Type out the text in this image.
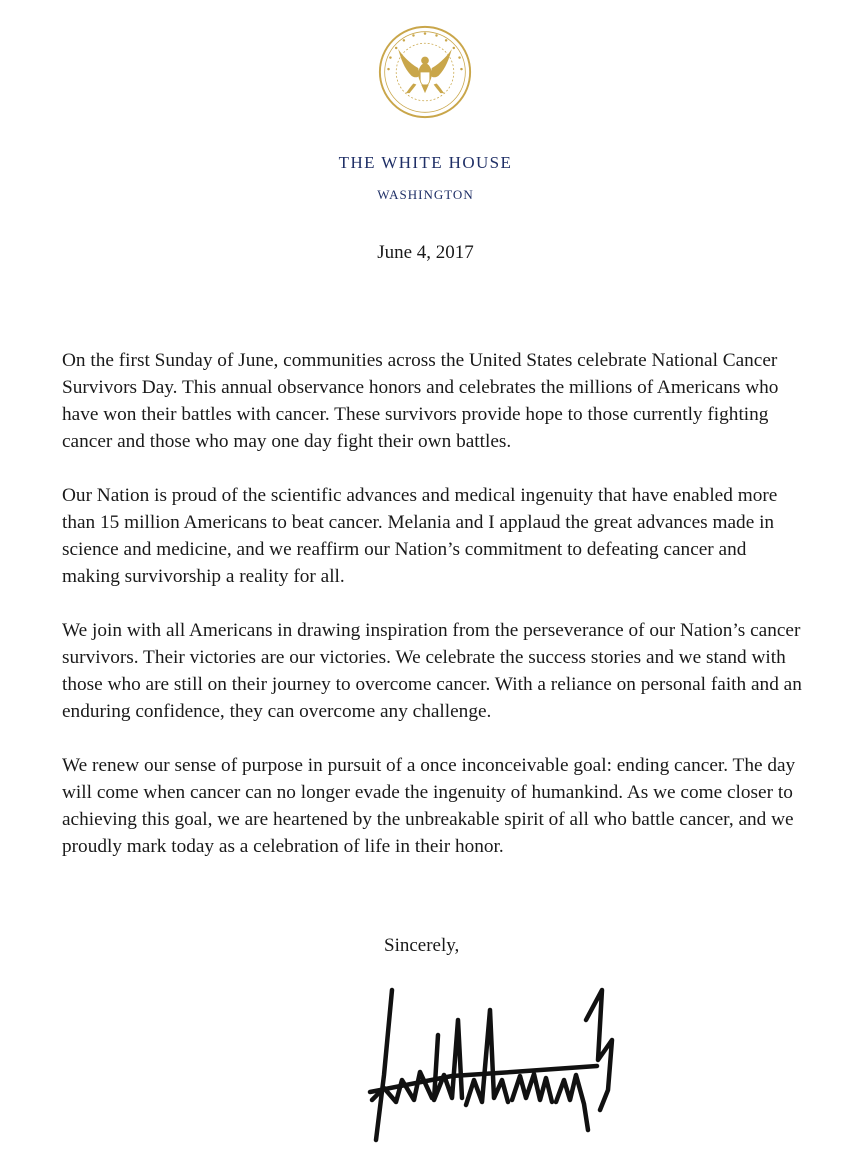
THE WHITE HOUSE
WASHINGTON
June 4, 2017

On the first Sunday of June, communities across the United States celebrate National Cancer Survivors Day. This annual observance honors and celebrates the millions of Americans who have won their battles with cancer. These survivors provide hope to those currently fighting cancer and those who may one day fight their own battles.

Our Nation is proud of the scientific advances and medical ingenuity that have enabled more than 15 million Americans to beat cancer. Melania and I applaud the great advances made in science and medicine, and we reaffirm our Nation’s commitment to defeating cancer and making survivorship a reality for all.

We join with all Americans in drawing inspiration from the perseverance of our Nation’s cancer survivors. Their victories are our victories. We celebrate the success stories and we stand with those who are still on their journey to overcome cancer. With a reliance on personal faith and an enduring confidence, they can overcome any challenge.

We renew our sense of purpose in pursuit of a once inconceivable goal: ending cancer. The day will come when cancer can no longer evade the ingenuity of humankind. As we come closer to achieving this goal, we are heartened by the unbreakable spirit of all who battle cancer, and we proudly mark today as a celebration of life in their honor.

Sincerely,
